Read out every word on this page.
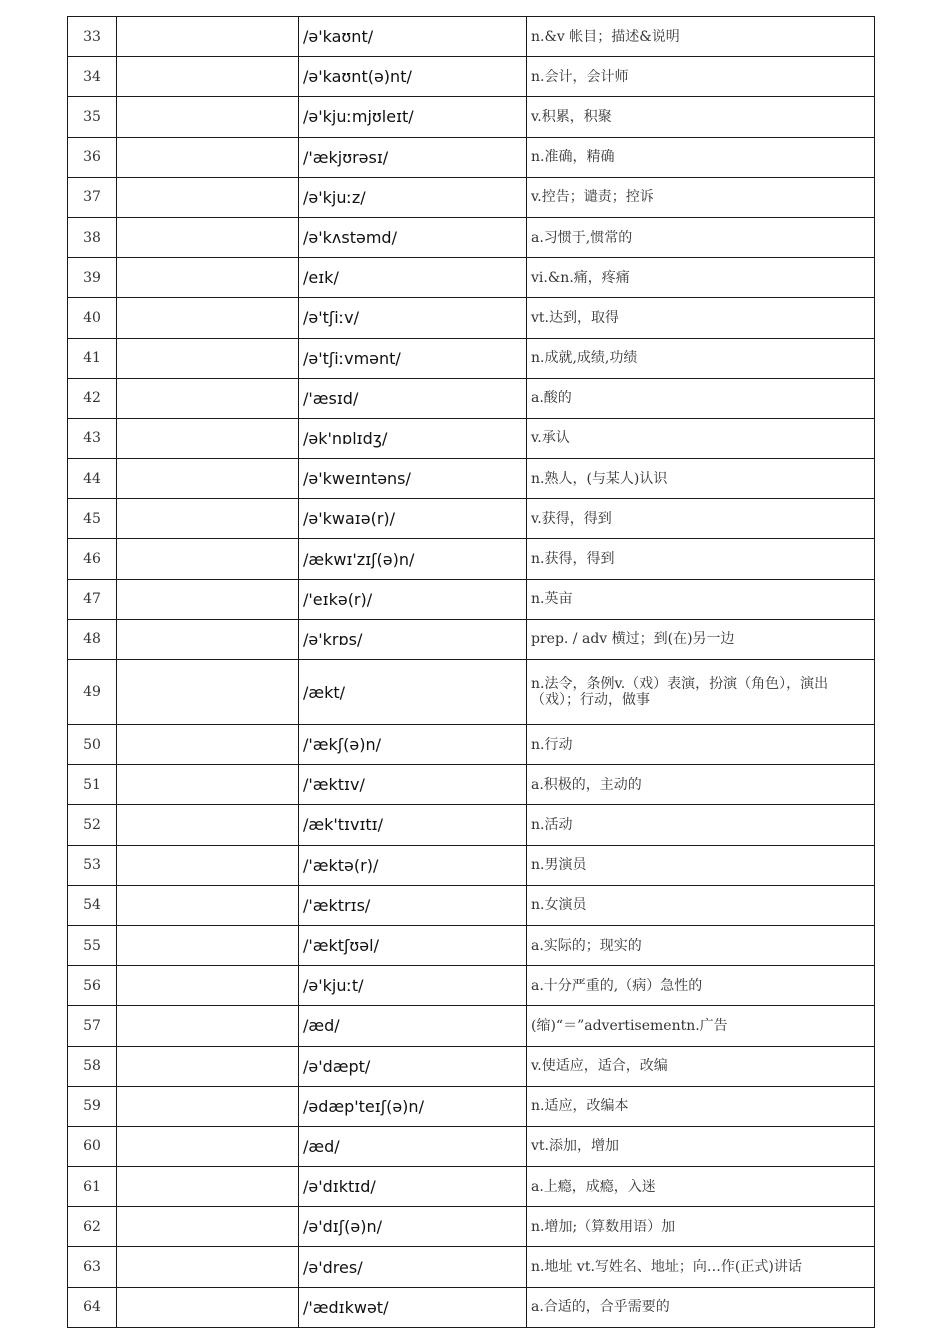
33		/ə'kaʊnt/	n.&v 帐目；描述&说明
34		/ə'kaʊnt(ə)nt/	n.会计，会计师
35		/ə'kjuːmjʊleɪt/	v.积累，积聚
36		/'ækjʊrəsɪ/	n.准确，精确
37		/ə'kjuːz/	v.控告；谴责；控诉
38		/ə'kʌstəmd/	a.习惯于,惯常的
39		/eɪk/	vi.&n.痛，疼痛
40		/ə'tʃiːv/	vt.达到，取得
41		/ə'tʃiːvmənt/	n.成就,成绩,功绩
42		/'æsɪd/	a.酸的
43		/ək'nɒlɪdʒ/	v.承认
44		/ə'kweɪntəns/	n.熟人，(与某人)认识
45		/ə'kwaɪə(r)/	v.获得，得到
46		/ækwɪ'zɪʃ(ə)n/	n.获得，得到
47		/'eɪkə(r)/	n.英亩
48		/ə'krɒs/	prep. / adv 横过；到(在)另一边
49		/ækt/	n.法令，条例v.（戏）表演，扮演（角色），演出（戏）；行动，做事
50		/'ækʃ(ə)n/	n.行动
51		/'æktɪv/	a.积极的，主动的
52		/æk'tɪvɪtɪ/	n.活动
53		/'æktə(r)/	n.男演员
54		/'æktrɪs/	n.女演员
55		/'æktʃʊəl/	a.实际的；现实的
56		/ə'kjuːt/	a.十分严重的,（病）急性的
57		/æd/	(缩)“＝”advertisementn.广告
58		/ə'dæpt/	v.使适应，适合，改编
59		/ədæp'teɪʃ(ə)n/	n.适应，改编本
60		/æd/	vt.添加，增加
61		/ə'dɪktɪd/	a.上瘾，成瘾，入迷
62		/ə'dɪʃ(ə)n/	n.增加;（算数用语）加
63		/ə'dres/	n.地址 vt.写姓名、地址；向…作(正式)讲话
64		/'ædɪkwət/	a.合适的，合乎需要的
